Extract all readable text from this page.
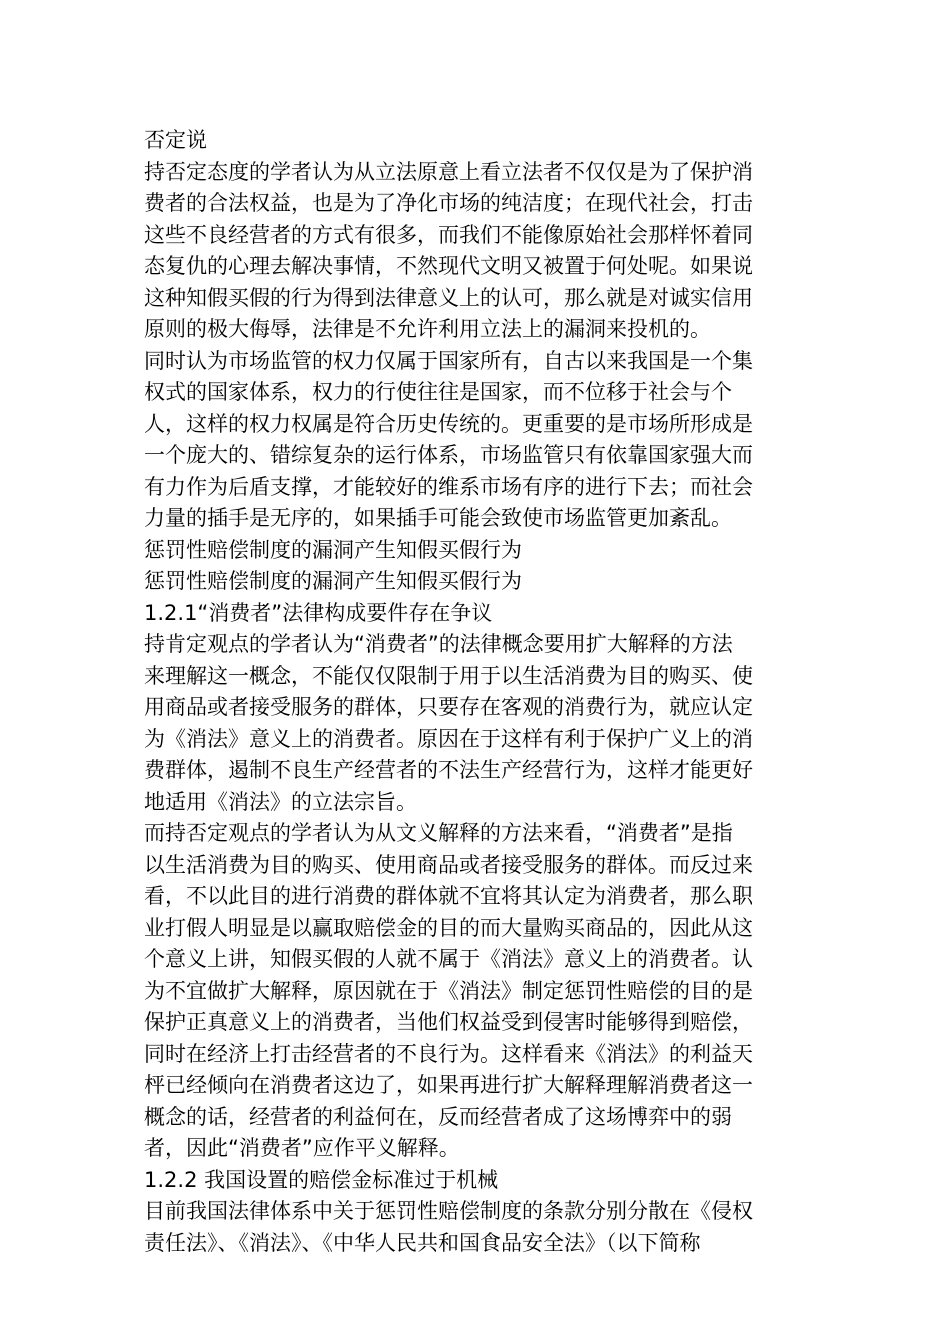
否定说
持否定态度的学者认为从立法原意上看立法者不仅仅是为了保护消
费者的合法权益，也是为了净化市场的纯洁度；在现代社会，打击
这些不良经营者的方式有很多，而我们不能像原始社会那样怀着同
态复仇的心理去解决事情，不然现代文明又被置于何处呢。如果说
这种知假买假的行为得到法律意义上的认可，那么就是对诚实信用
原则的极大侮辱，法律是不允许利用立法上的漏洞来投机的。
同时认为市场监管的权力仅属于国家所有，自古以来我国是一个集
权式的国家体系，权力的行使往往是国家，而不位移于社会与个
人，这样的权力权属是符合历史传统的。更重要的是市场所形成是
一个庞大的、错综复杂的运行体系，市场监管只有依靠国家强大而
有力作为后盾支撑，才能较好的维系市场有序的进行下去；而社会
力量的插手是无序的，如果插手可能会致使市场监管更加紊乱。
惩罚性赔偿制度的漏洞产生知假买假行为
惩罚性赔偿制度的漏洞产生知假买假行为
1.2.1“消费者”法律构成要件存在争议
持肯定观点的学者认为“消费者”的法律概念要用扩大解释的方法
来理解这一概念，不能仅仅限制于用于以生活消费为目的购买、使
用商品或者接受服务的群体，只要存在客观的消费行为，就应认定
为《消法》意义上的消费者。原因在于这样有利于保护广义上的消
费群体，遏制不良生产经营者的不法生产经营行为，这样才能更好
地适用《消法》的立法宗旨。
而持否定观点的学者认为从文义解释的方法来看，“消费者”是指
以生活消费为目的购买、使用商品或者接受服务的群体。而反过来
看，不以此目的进行消费的群体就不宜将其认定为消费者，那么职
业打假人明显是以赢取赔偿金的目的而大量购买商品的，因此从这
个意义上讲，知假买假的人就不属于《消法》意义上的消费者。认
为不宜做扩大解释，原因就在于《消法》制定惩罚性赔偿的目的是
保护正真意义上的消费者，当他们权益受到侵害时能够得到赔偿，
同时在经济上打击经营者的不良行为。这样看来《消法》的利益天
枰已经倾向在消费者这边了，如果再进行扩大解释理解消费者这一
概念的话，经营者的利益何在，反而经营者成了这场博弈中的弱
者，因此“消费者”应作平义解释。
1.2.2 我国设置的赔偿金标准过于机械
目前我国法律体系中关于惩罚性赔偿制度的条款分别分散在《侵权
责任法》、《消法》、《中华人民共和国食品安全法》（以下简称
